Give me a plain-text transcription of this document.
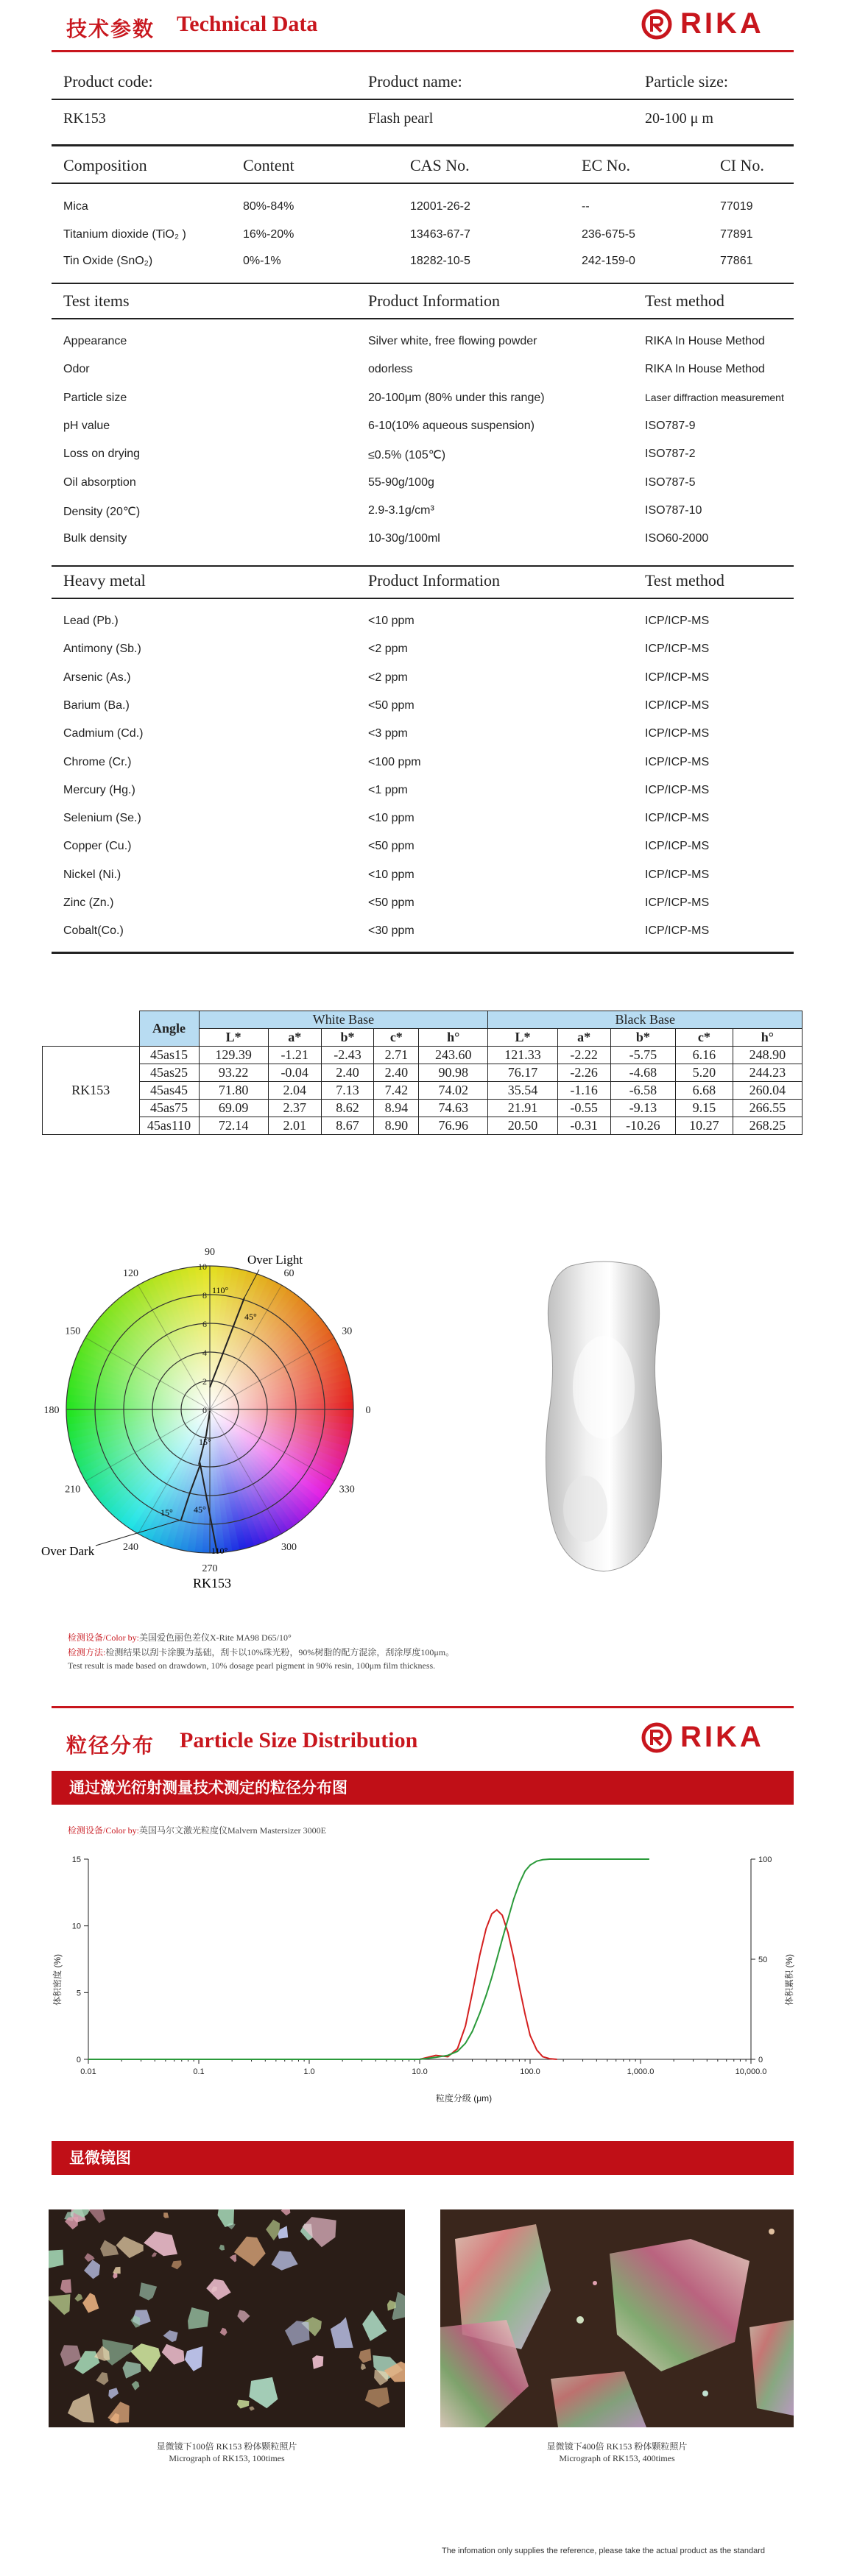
技术参数 Technical Data	RIKA
Product code:	Product name:	Particle size:
RK153	Flash pearl	20-100 μ m
Composition	Content	CAS No.	EC No.	CI No.
Mica	80%-84%	12001-26-2	--	77019
Titanium dioxide (TiO₂ )	16%-20%	13463-67-7	236-675-5	77891
Tin Oxide (SnO₂)	0%-1%	18282-10-5	242-159-0	77861
Test items	Product Information	Test method
Appearance	Silver white, free flowing powder	RIKA In House Method
Odor	odorless	RIKA In House Method
Particle size	20-100μm (80% under this range)	Laser diffraction measurement
pH value	6-10(10% aqueous suspension)	ISO787-9
Loss on drying	≤0.5% (105℃)	ISO787-2
Oil absorption	55-90g/100g	ISO787-5
Density (20℃)	2.9-3.1g/cm³	ISO787-10
Bulk density	10-30g/100ml	ISO60-2000
Heavy metal	Product Information	Test method
Lead (Pb.)	<10 ppm	ICP/ICP-MS
Antimony (Sb.)	<2 ppm	ICP/ICP-MS
Arsenic (As.)	<2 ppm	ICP/ICP-MS
Barium (Ba.)	<50 ppm	ICP/ICP-MS
Cadmium (Cd.)	<3 ppm	ICP/ICP-MS
Chrome (Cr.)	<100 ppm	ICP/ICP-MS
Mercury (Hg.)	<1 ppm	ICP/ICP-MS
Selenium (Se.)	<10 ppm	ICP/ICP-MS
Copper (Cu.)	<50 ppm	ICP/ICP-MS
Nickel (Ni.)	<10 ppm	ICP/ICP-MS
Zinc (Zn.)	<50 ppm	ICP/ICP-MS
Cobalt(Co.)	<30 ppm	ICP/ICP-MS
	Angle	White Base					Black Base				
		L*	a*	b*	c*	h°	L*	a*	b*	c*	h°
RK153	45as15	129.39	-1.21	-2.43	2.71	243.60	121.33	-2.22	-5.75	6.16	248.90
	45as25	93.22	-0.04	2.40	2.40	90.98	76.17	-2.26	-4.68	5.20	244.23
	45as45	71.80	2.04	7.13	7.42	74.02	35.54	-1.16	-6.58	6.68	260.04
	45as75	69.09	2.37	8.62	8.94	74.63	21.91	-0.55	-9.13	9.15	266.55
	45as110	72.14	2.01	8.67	8.90	76.96	20.50	-0.31	-10.26	10.27	268.25
90
60
30
0
330
300
270
240
210
180
150
120
10
8
6
4
2
0
Over Light
Over Dark
110°
45°
15°
15° 45°
110°
RK153
检测设备/Color by:美国爱色丽色差仪X-Rite MA98 D65/10°
检测方法:检测结果以刮卡涂膜为基础，刮卡以10%珠光粉，90%树脂的配方混涂，刮涂厚度100μm。
Test result is made based on drawdown, 10% dosage pearl pigment in 90% resin, 100μm film thickness.
粒径分布 Particle Size Distribution	RIKA
通过激光衍射测量技术测定的粒径分布图
检测设备/Color by:英国马尔文激光粒度仪Malvern Mastersizer 3000E
0.01	0.1	1.0	10.0	100.0	1,000.0	10,000.0
0
5
10
15
0
50
100
粒度分级 (μm)
体积密度 (%)	体积累积 (%)
显微镜图
显微镜下100倍 RK153 粉体颗粒照片
Micrograph of RK153, 100times
显微镜下400倍 RK153 粉体颗粒照片
Micrograph of RK153, 400times
The infomation only supplies the reference, please take the actual product as the standard
